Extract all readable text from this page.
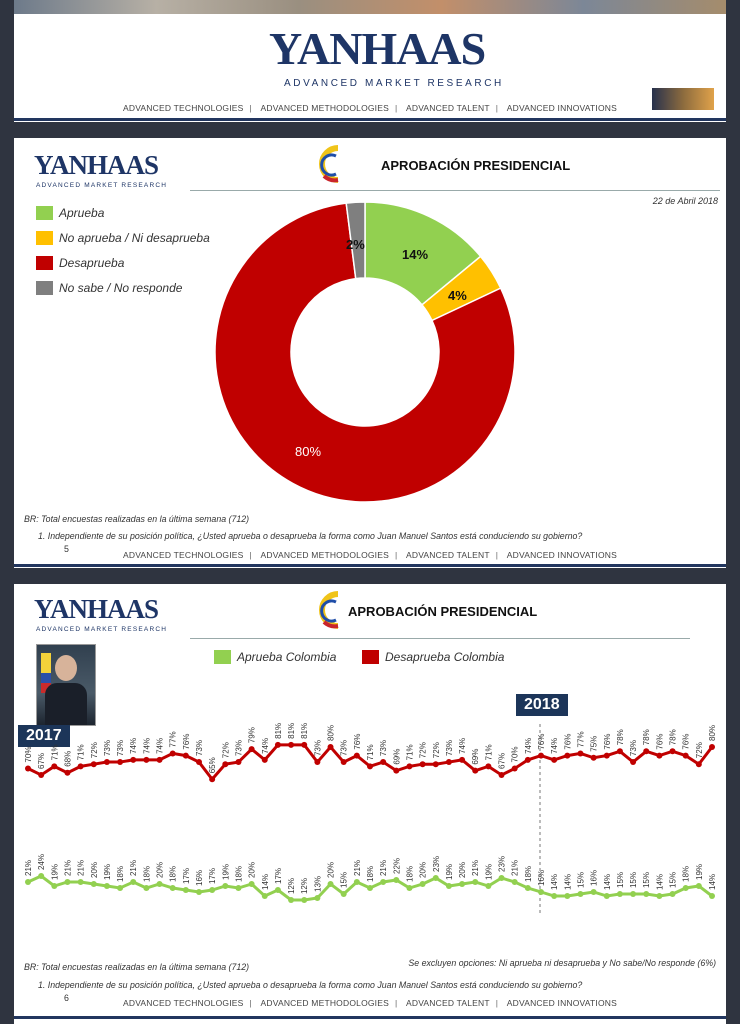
YANHAAS
ADVANCED MARKET RESEARCH
ADVANCED TECHNOLOGIES | ADVANCED METHODOLOGIES | ADVANCED TALENT | ADVANCED INNOVATIONS
YANHAAS
ADVANCED MARKET RESEARCH
APROBACIÓN PRESIDENCIAL
22 de Abril 2018
Aprueba
No aprueba / Ni desaprueba
Desaprueba
No sabe / No responde
14%
4%
80%
2%
BR: Total encuestas realizadas en la última semana (712)
1. Independiente de su posición política, ¿Usted aprueba o desaprueba la forma como Juan Manuel Santos está conduciendo su gobierno?
5
ADVANCED TECHNOLOGIES | ADVANCED METHODOLOGIES | ADVANCED TALENT | ADVANCED INNOVATIONS
YANHAAS
ADVANCED MARKET RESEARCH
APROBACIÓN PRESIDENCIAL
Aprueba Colombia	Desaprueba Colombia
2017
2018
21% 24%
19% 21% 21% 20% 19% 18% 21% 18% 20% 18% 17% 16% 17% 19% 18% 20%
14% 17%
12% 12% 13%
20%
15%
21% 18% 21% 22% 18% 20% 23% 19% 20% 21% 19% 23% 21% 18% 16% 14% 14% 15% 16% 14% 15% 15% 15% 14% 15% 18% 19%
14%
70% 67%
71% 68% 71% 72% 73% 73% 74% 74% 74% 77% 76% 73%
65%
72% 73%
79%
74%
81% 81% 81%
73%
80%
73% 76%
71% 73%
69% 71% 72% 72% 73% 74%
69% 71%
67% 70%
74% 76% 74% 76% 77% 75% 76% 78%
73%
78% 76% 78% 76%
72%
80%
BR: Total encuestas realizadas en la última semana (712)	Se excluyen opciones: Ni aprueba ni desaprueba y No sabe/No responde (6%)
1. Independiente de su posición política, ¿Usted aprueba o desaprueba la forma como Juan Manuel Santos está conduciendo su gobierno?
6	ADVANCED TECHNOLOGIES | ADVANCED METHODOLOGIES | ADVANCED TALENT | ADVANCED INNOVATIONS
